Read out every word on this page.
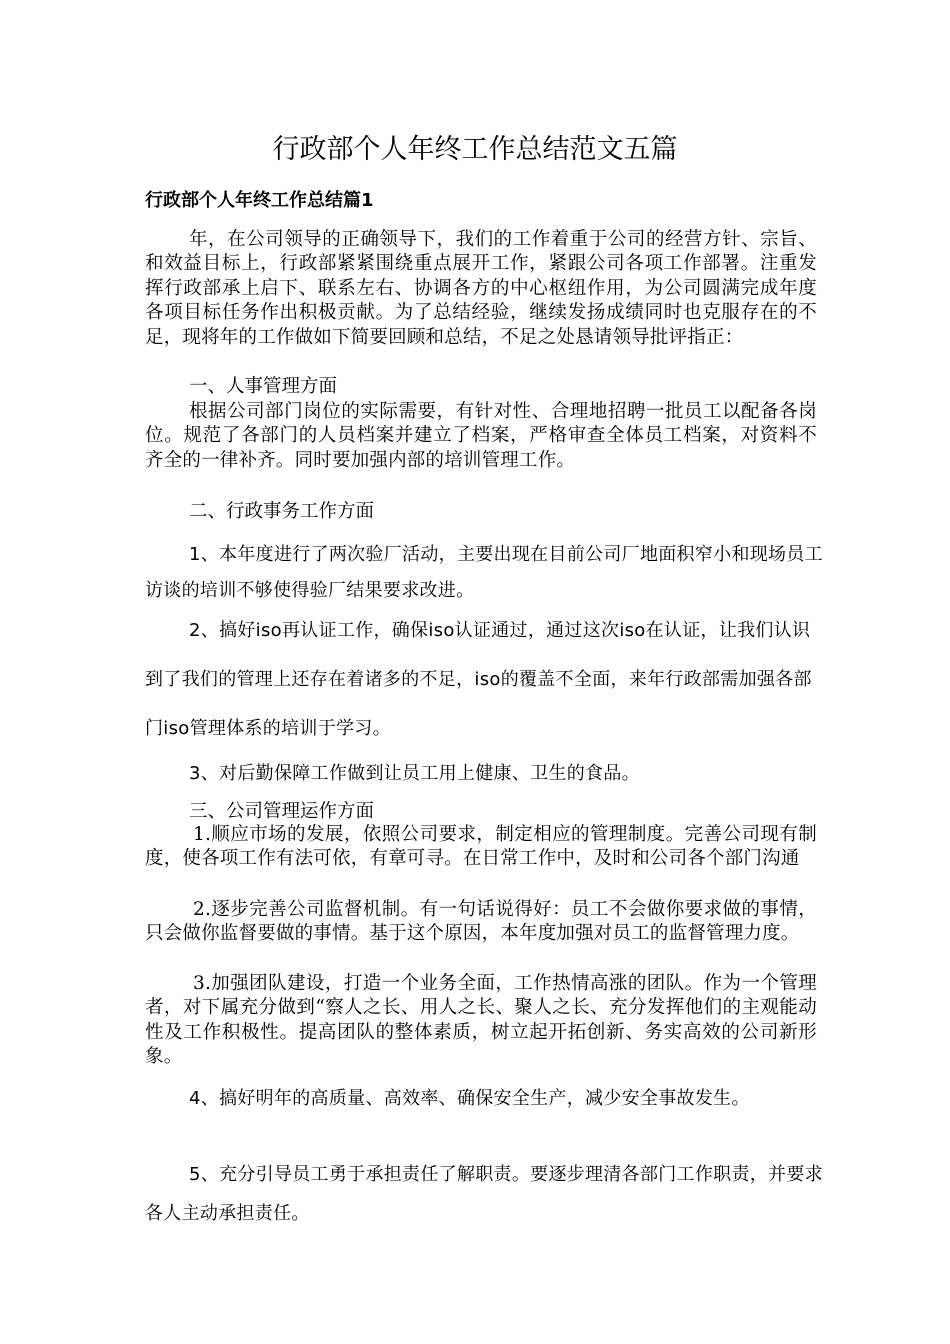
行政部个人年终工作总结范文五篇
行政部个人年终工作总结篇1

年，在公司领导的正确领导下，我们的工作着重于公司的经营方针、宗旨、和效益目标上，行政部紧紧围绕重点展开工作，紧跟公司各项工作部署。注重发挥行政部承上启下、联系左右、协调各方的中心枢纽作用，为公司圆满完成年度各项目标任务作出积极贡献。为了总结经验，继续发扬成绩同时也克服存在的不足，现将年的工作做如下简要回顾和总结，不足之处恳请领导批评指正：

一、人事管理方面

根据公司部门岗位的实际需要，有针对性、合理地招聘一批员工以配备各岗位。规范了各部门的人员档案并建立了档案，严格审查全体员工档案，对资料不齐全的一律补齐。同时要加强内部的培训管理工作。

二、行政事务工作方面

1、本年度进行了两次验厂活动，主要出现在目前公司厂地面积窄小和现场员工访谈的培训不够使得验厂结果要求改进。

2、搞好iso再认证工作，确保iso认证通过，通过这次iso在认证，让我们认识到了我们的管理上还存在着诸多的不足，iso的覆盖不全面，来年行政部需加强各部门iso管理体系的培训于学习。

3、对后勤保障工作做到让员工用上健康、卫生的食品。

三、公司管理运作方面

1.顺应市场的发展，依照公司要求，制定相应的管理制度。完善公司现有制度，使各项工作有法可依，有章可寻。在日常工作中，及时和公司各个部门沟通

2.逐步完善公司监督机制。有一句话说得好：员工不会做你要求做的事情，只会做你监督要做的事情。基于这个原因，本年度加强对员工的监督管理力度。

3.加强团队建设，打造一个业务全面，工作热情高涨的团队。作为一个管理者，对下属充分做到“察人之长、用人之长、聚人之长、充分发挥他们的主观能动性及工作积极性。提高团队的整体素质，树立起开拓创新、务实高效的公司新形象。

4、搞好明年的高质量、高效率、确保安全生产，减少安全事故发生。

5、充分引导员工勇于承担责任了解职责。要逐步理清各部门工作职责，并要求各人主动承担责任。
